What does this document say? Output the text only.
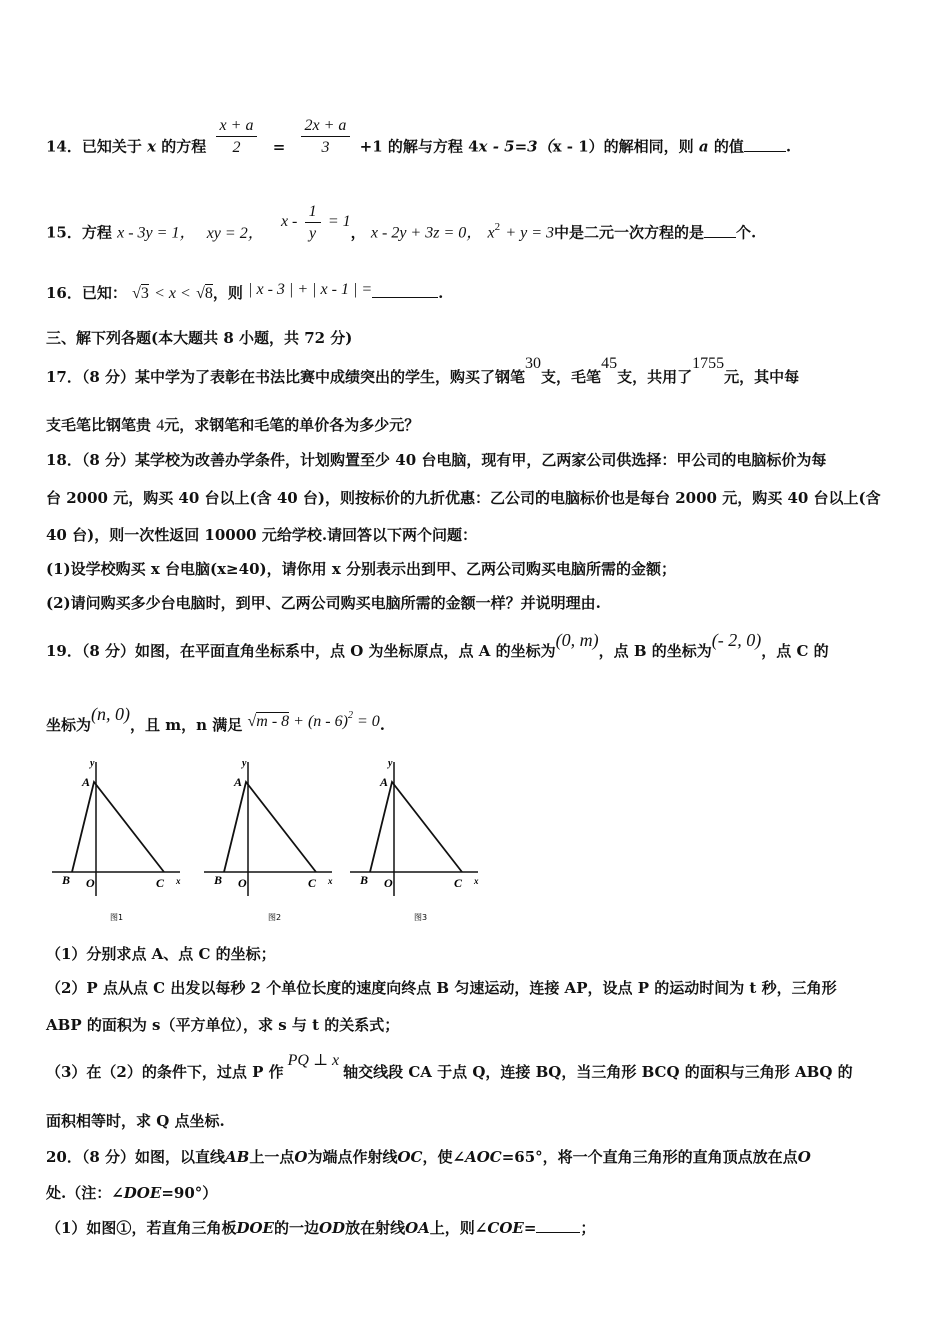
14．已知关于 x 的方程 $\frac{x + a}{2} = \frac{2x + a}{3} +1$ 的解与方程 4x - 5=3（x - 1）的解相同，则 a 的值	.
15．方程 x - 3y = 1， xy = 2， $x - \frac{1}{y} = 1$， x - 2y + 3z = 0， $x^2 + y = 3$中是二元一次方程的是 个.
16．已知： √3 < x < √8，则 | x - 3 | + | x - 1 | =	.
三、解下列各题(本大题共 8 小题，共 72 分)
17．（8 分）某中学为了表彰在书法比赛中成绩突出的学生，购买了钢笔30支，毛笔45支，共用了1755元，其中每
支毛笔比钢笔贵 4元，求钢笔和毛笔的单价各为多少元？
18．（8 分）某学校为改善办学条件，计划购置至少 40 台电脑，现有甲，乙两家公司供选择：甲公司的电脑标价为每
台 2000 元，购买 40 台以上(含 40 台)，则按标价的九折优惠：乙公司的电脑标价也是每台 2000 元，购买 40 台以上(含
40 台)，则一次性返回 10000 元给学校.请回答以下两个问题：
(1)设学校购买 x 台电脑(x≥40)，请你用 x 分别表示出到甲、乙两公司购买电脑所需的金额；
(2)请问购买多少台电脑时，到甲、乙两公司购买电脑所需的金额一样？并说明理由.
19．（8 分）如图，在平面直角坐标系中，点 O 为坐标原点，点 A 的坐标为(0, m)，点 B 的坐标为(- 2, 0)，点 C 的
坐标为(n, 0)，且 m，n 满足 √m - 8 + (n - 6)$^2$ = 0.
y
A
B O	C x
图1
y
A
B O	C x
图2
y
A
B O	C x
图3
（1）分别求点 A、点 C 的坐标；
（2）P 点从点 C 出发以每秒 2 个单位长度的速度向终点 B 匀速运动，连接 AP，设点 P 的运动时间为 t 秒，三角形
ABP 的面积为 s（平方单位），求 s 与 t 的关系式；
（3）在（2）的条件下，过点 P 作PQ ⊥ x轴交线段 CA 于点 Q，连接 BQ，当三角形 BCQ 的面积与三角形 ABQ 的
面积相等时，求 Q 点坐标.
20．（8 分）如图，以直线AB上一点O为端点作射线OC，使∠AOC=65°，将一个直角三角形的直角顶点放在点O
处.（注：∠DOE=90°）
（1）如图①，若直角三角板DOE的一边OD放在射线OA上，则∠COE=	；
